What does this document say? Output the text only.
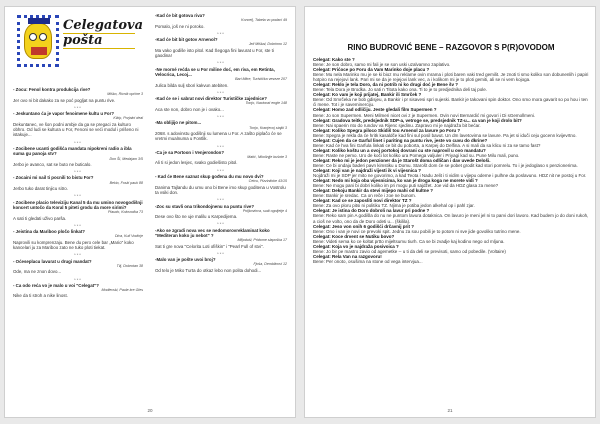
Celegatova
pošta
- Zocu: Fenol kontra produkcija rive?
Miško, Rivnik općine 3
Jer ovo ni bit dakako za se poć pogljat na puntu rive.
***
- Jeskuntano ća je vapor fenoimene kultu u For?
Kikip, Porjalni deal
Dekuntanec, ve šon podni ambje da ga se pregaci za kulturo obhro. Od ludi se kultura u For, Fenoni se veći modul i prišeno ni istakuje...
***
- Zocibene ucanti godišća mandata nipokreni radio a ibla suma gu panoja stv?
Don Ši, Medajam 3/5
Jerbo je avanco, sat se buto ne buticalo.
***
- Zocaini mi nail ti pocnili to bistu For?
Bekio, Foski pauk 88
Jerbo tuko darat tinjicu sitro.
***
- Zocibene placio televiziju Kanal 5 da mu umino novogodišnji koncert untočo da Koral 5 piteti grodu da more sirimi?
Plaudo, Kolovodka 73
A sati ti gledati uživo parša.
***
- Jeistina da Mariboo pločo linkat?
Dica, Kuli Vodinje
Naprovili su komprenzaju. Bene du pero cele bar „Mario" koko kancelari ju za Mariboo zato ne tuko ploti tiekat.
***
- Oćeseplacu lavurat u drugi mandat?
Tilj, Dobrotan 38
Ode, ma ne znon dovo...
***
- Ca odo reća vo je malo u voi "Celegat"?
Modlevski, Paule kre Gles
Nike da ti stroh a nike linost.
-Kad će bit gotova riva?
Koncelj, Tabela vo podaci 49
Pomalo, još ne ni poroko.
***
-Kad će bit bit gotov Arnenol?
Jeli Miškal, Dobrinno 12
Ma vako godiše isto pitol. Kad Šegoga fini lavurat u For, ste ti gaodina!
***
-Ne morné rećda se u For miline doć, em riva, em Retinta, Velocrica, Lecoj...
Bari Mitre, Turistička veseze 207
Julica bilda sulj sbori kakvun atebiten.
***
-Kad će se i sabrat novi direktor Turističke zajednice?
Tonjo, Nacional engle 148
Aca ste non, dobro non je i ovako...
***
-Ma oblijijo ne pitom...
Tonjo, Kranjevoj stajki 3
2068. s adovinstu godišnji su lumena u For. A zašto piplačo će se vretmi mualnuma u Fontlik.
***
-Ca je sa Portoon i Venjerondon?
Matić, Nikolinjje bušnte 3
Ali ti si jedon lesjec, svako godiešisto pitol.
***
- Kad će Bene saznat skup gođena du mu novo dvi?
Cetcu, Pizziniloke 43/15
Danima Tajlandu du umu ono bi Bene imo skup goditena u Vostrolu ta vsiki don.
***
-Zoc su stavli ona trikondojnenu na puntu rive?
Poljkovinca, sudi ogoljetje 4
Dese ovo što ne uje malilu u Karpedijema.
***
-Ako se zgradi nova vec se nedomorovreklaminat koko "Mediteran koko ju nebot" ?
Miljoduši, Pridome slapoška 17
Sat ti gre nova "Celorita Loti ofiškin" i "Pearl Full of stvi".
***
-Malo van je pošte uvoi broj?
Fjoša, Demblinovi 12
Od telo je Miko Turta do otkaz lebo non polita dohodi...
20
RINO BUDROVIĆ BENE – RAZGOVOR S P(R)OVODOM
Celegat: Kako ste ?
Bene: Je son dobro, samo mi fali je se son uski uzalvamno zaplativo.
Celegat: Prićoce po Foru da Vam Marinko doje placu ?
Bene: Mu nela Marinko mu je se ki bioz mu reklame ovin mrama i ploti baren vaki tred gemilit. Je znoti ti smo koliko son dobunenlih i papiri hotpiro na rejejovi lank. Pari mi se da je rejejovi lank vec, a i kolikom mi je to ploti gemiti, ali se ni vem kojoga.
Celegat: Reklo je tela Doro, da ni potrib ni ko drugi doć je Bene šv ?
Bene: Tela Dora je Brodka. Jo sati n Titota kako ona. Ti to je to predjednika deli taj pole.
Celegat: Ko vam je koji prijatej, Bankir ili Smrček ?
Bene: Od Smrčeka ne bob gdisjeu, a Bankir i pr sisavesi spri sujeski. Bankir je takovani spin doktor. Ono smo mora gavarit so po hou i ten ći mene. Tot i je saveminerciju.
Celegat: Homo zad odličiju. Jeste gledali film Supermen ?
Bene: Jo son Supermen. Meni Milmeri nicet ovi z je Supermen. Ovin novi Bernardić mi govori i Di sGemollmeni.
Celegat: Gradova teitk, predsjednik SDP-a, vetroge se, predsjednik TZ-u... ca van je koji drolo bit?
Bene: Nai spaerin nto do rundov va Rijenc sjedinu. Zapravo mi je najdraža bit bećar.
Celegat: Koliko Spegra piloco Skidiš tou Arnenol za lavure po Foru ?
Bene: Spegra je rekla da će hritk kasaldče kad fini sul posil bavut. Un dm lavetovima se lavure. Pa jet si iduči ceju gocenn kvijevrtno.
Celegat: Cujen da ce Garful linet i pariting na puntu rive, jeste vo cuvu do dkrine?
Bene: Kad će hva fini Garfula linkati ce bit du poborta, a Karpej do Delfina. A si mali da sa klicu ni za se tamo fast?
Celegat: Koliko koštu un a ovoj portokoj dovrani cu ste naprovil u ovo mandatu?
Bene: Raste ne pemo. Uro de koči lot koliko ura Pomega valjuler i Priyagi kad su. Pune Milu mali, puno.
Celegat: Reko mi je jedon penzioner da je Starošt doma odličan i dav uvede Deloši.
Bene: Ce bi ondaju baderi pavn kimstiku u Domu. Starošt dom će se pobet grodit kad stori pomrelu. To i je jedoglaso s penzionerima.
Celegat: Koji van je najdraži vijesti ik vi vijesnica ?
Nojdraži mi je SDP jer mito ne govorimo, a kad Teota i Nadu Jelit i ti vidim u vijepu odeme i pulhne da poslavuno. HDZ nit ne postoj u For.
Celegat: Nedo mi koja oba vijesnicima, ko van je droga koga ne morete vidi ?
Bene: Ne mogu pani bi dobri koliko im pri mogu puti sajdžet. Joe vid da HDZ glasa za mene?
Celegat: Dekoju Bankir da stevi mijepo mahi od kultne ?
Bene: Bankir je sredac. Ca on reče i zoe ne bunom.
Celegat: Kad ce se zaposliti novi direktor TZ ?
Bene: Za ovo ploru pitsi ni politiku TZ. Njima je potiba jedon alkehal op i pahl zjar.
Celegat: Je istina do Doro dobroli na lavur pri podne ?
Bene: Reko sam pin A godišla do nu ne puntom lavura dotaknica. On lavuro je meni jel ni to parvi dori lavoro. Kad budem jo do doni rukoh, a cioš ne volto, ono da de Doro odeti u... (škilila).
Celegat: Jeso von onih 6 godišći drčavnij prit ?
Bene: Ono i van je novi ce prevoki spit. Jednu za sou pobili je to potom ni sve jide govoliko tutrino mene.
Celegat: Koce drvent se Nutiku bovo?
Bene: Videti sema ko ce koltat prtto mijeltsumu tiurh. Ca se bi zvadje kaj kodino nego od mljuna.
Celegat: Koja vo je najdraža posivoica ?
Bene: Jo bir pe mastro zavio od agemetke -- u ti da deli se previsoti, samo od pobedile. (Voltaire)
Celegat: Rela Van na razgovoru!
Bene: Per onoto, osušima na stone od vega intervjua...
21
